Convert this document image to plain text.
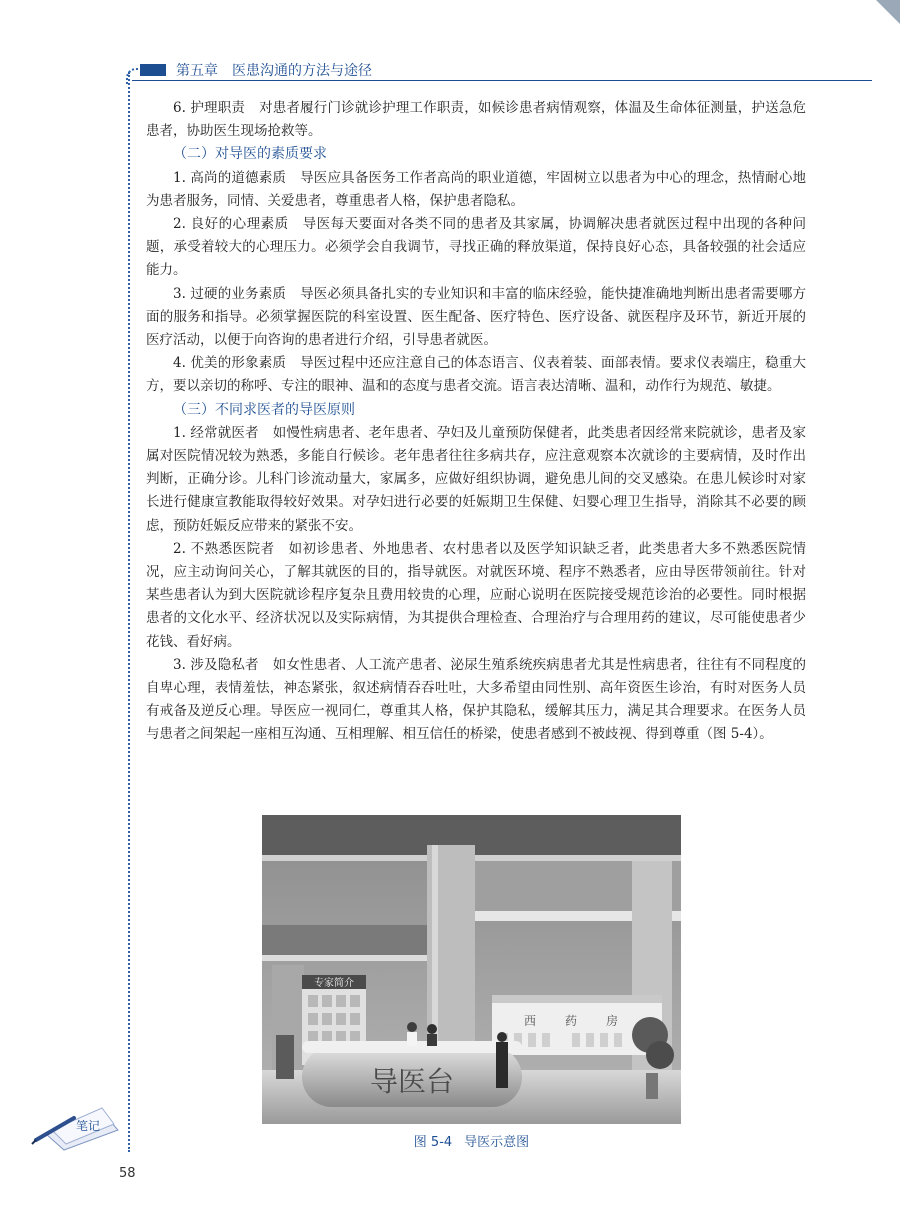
第五章　医患沟通的方法与途径

6. 护理职责 对患者履行门诊就诊护理工作职责，如候诊患者病情观察，体温及生命体征测量，护送急危患者，协助医生现场抢救等。

（二）对导医的素质要求

1. 高尚的道德素质 导医应具备医务工作者高尚的职业道德，牢固树立以患者为中心的理念，热情耐心地为患者服务，同情、关爱患者，尊重患者人格，保护患者隐私。

2. 良好的心理素质 导医每天要面对各类不同的患者及其家属，协调解决患者就医过程中出现的各种问题，承受着较大的心理压力。必须学会自我调节，寻找正确的释放渠道，保持良好心态，具备较强的社会适应能力。

3. 过硬的业务素质 导医必须具备扎实的专业知识和丰富的临床经验，能快捷准确地判断出患者需要哪方面的服务和指导。必须掌握医院的科室设置、医生配备、医疗特色、医疗设备、就医程序及环节，新近开展的医疗活动，以便于向咨询的患者进行介绍，引导患者就医。

4. 优美的形象素质 导医过程中还应注意自己的体态语言、仪表着装、面部表情。要求仪表端庄，稳重大方，要以亲切的称呼、专注的眼神、温和的态度与患者交流。语言表达清晰、温和，动作行为规范、敏捷。

（三）不同求医者的导医原则

1. 经常就医者 如慢性病患者、老年患者、孕妇及儿童预防保健者，此类患者因经常来院就诊，患者及家属对医院情况较为熟悉，多能自行候诊。老年患者往往多病共存，应注意观察本次就诊的主要病情，及时作出判断，正确分诊。儿科门诊流动量大，家属多，应做好组织协调，避免患儿间的交叉感染。在患儿候诊时对家长进行健康宣教能取得较好效果。对孕妇进行必要的妊娠期卫生保健、妇婴心理卫生指导，消除其不必要的顾虑，预防妊娠反应带来的紧张不安。

2. 不熟悉医院者 如初诊患者、外地患者、农村患者以及医学知识缺乏者，此类患者大多不熟悉医院情况，应主动询问关心，了解其就医的目的，指导就医。对就医环境、程序不熟悉者，应由导医带领前往。针对某些患者认为到大医院就诊程序复杂且费用较贵的心理，应耐心说明在医院接受规范诊治的必要性。同时根据患者的文化水平、经济状况以及实际病情，为其提供合理检查、合理治疗与合理用药的建议，尽可能使患者少花钱、看好病。

3. 涉及隐私者 如女性患者、人工流产患者、泌尿生殖系统疾病患者尤其是性病患者，往往有不同程度的自卑心理，表情羞怯，神态紧张，叙述病情吞吞吐吐，大多希望由同性别、高年资医生诊治，有时对医务人员有戒备及逆反心理。导医应一视同仁，尊重其人格，保护其隐私，缓解其压力，满足其合理要求。在医务人员与患者之间架起一座相互沟通、互相理解、相互信任的桥梁，使患者感到不被歧视、得到尊重（图 5-4）。

专家简介
西 药 房
导医台
图 5-4 导医示意图
笔记
58
